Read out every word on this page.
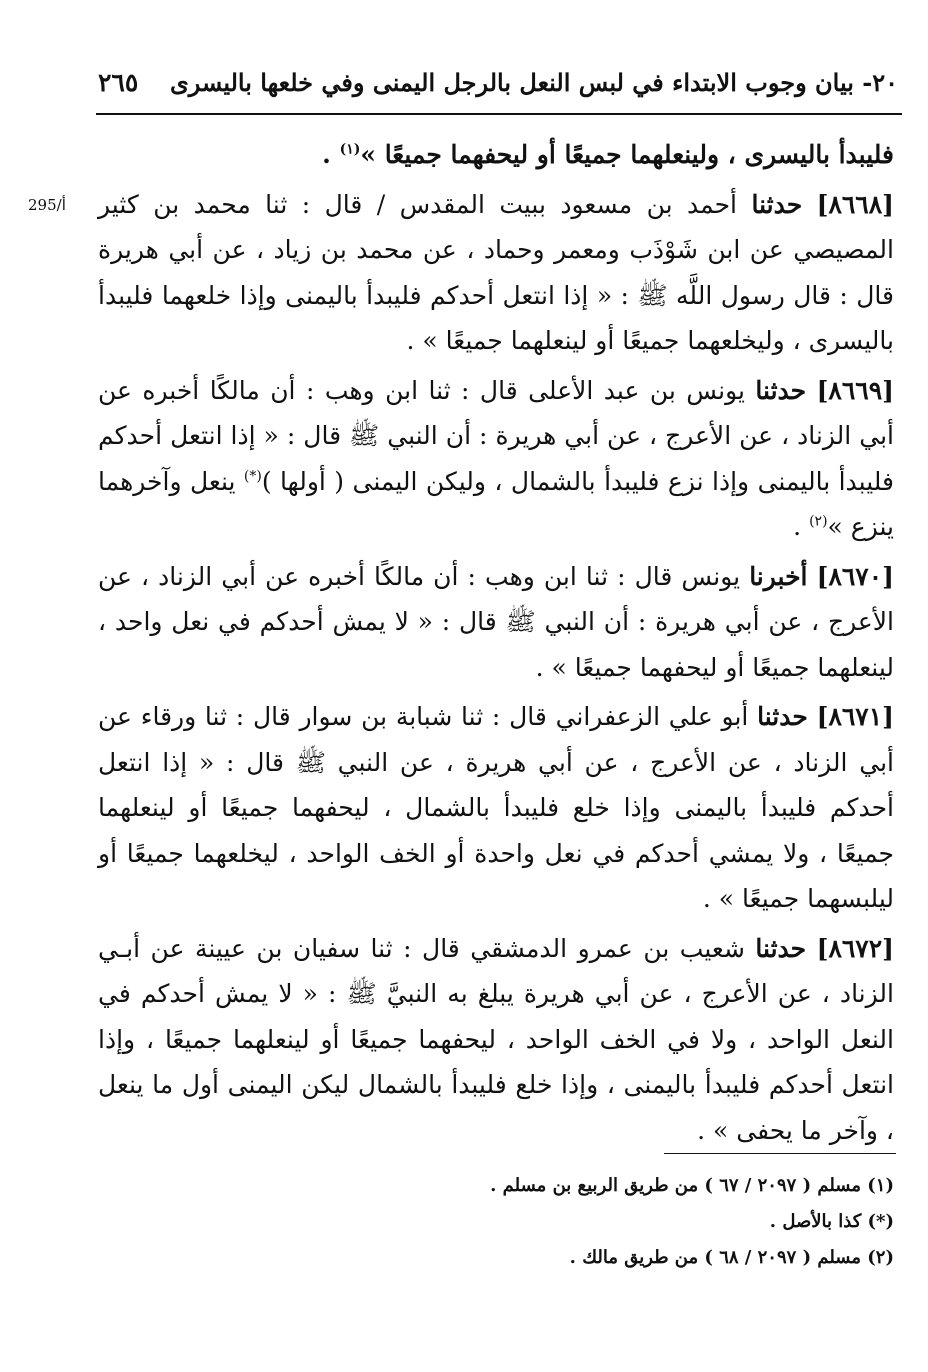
٢٠- بيان وجوب الابتداء في لبس النعل بالرجل اليمنى وفي خلعها باليسرى
٢٦٥
295/أ

فليبدأ باليسرى ، ولينعلهما جميعًا أو ليحفهما جميعًا »$^{(١)}$ .

[٨٦٦٨] حدثنا أحمد بن مسعود ببيت المقدس / قال : ثنا محمد بن كثير المصيصي عن ابن شَوْذَب ومعمر وحماد ، عن محمد بن زياد ، عن أبي هريرة قال : قال رسول اللَّه ﷺ : « إذا انتعل أحدكم فليبدأ باليمنى وإذا خلعهما فليبدأ باليسرى ، وليخلعهما جميعًا أو لينعلهما جميعًا » .

[٨٦٦٩] حدثنا يونس بن عبد الأعلى قال : ثنا ابن وهب : أن مالكًا أخبره عن أبي الزناد ، عن الأعرج ، عن أبي هريرة : أن النبي ﷺ قال : « إذا انتعل أحدكم فليبدأ باليمنى وإذا نزع فليبدأ بالشمال ، وليكن اليمنى ( أولها )(*) ينعل وآخرهما ينزع »$^{(٢)}$ .

[٨٦٧٠] أخبرنا يونس قال : ثنا ابن وهب : أن مالكًا أخبره عن أبي الزناد ، عن الأعرج ، عن أبي هريرة : أن النبي ﷺ قال : « لا يمش أحدكم في نعل واحد ، لينعلهما جميعًا أو ليحفهما جميعًا » .

[٨٦٧١] حدثنا أبو علي الزعفراني قال : ثنا شبابة بن سوار قال : ثنا ورقاء عن أبي الزناد ، عن الأعرج ، عن أبي هريرة ، عن النبي ﷺ قال : « إذا انتعل أحدكم فليبدأ باليمنى وإذا خلع فليبدأ بالشمال ، ليحفهما جميعًا أو لينعلهما جميعًا ، ولا يمشي أحدكم في نعل واحدة أو الخف الواحد ، ليخلعهما جميعًا أو ليلبسهما جميعًا » .

[٨٦٧٢] حدثنا شعيب بن عمرو الدمشقي قال : ثنا سفيان بن عيينة عن أبـي الزناد ، عن الأعرج ، عن أبي هريرة يبلغ به النبيَّ ﷺ : « لا يمش أحدكم في النعل الواحد ، ولا في الخف الواحد ، ليحفهما جميعًا أو لينعلهما جميعًا ، وإذا انتعل أحدكم فليبدأ باليمنى ، وإذا خلع فليبدأ بالشمال ليكن اليمنى أول ما ينعل ، وآخر ما يحفى » .

(١) مسلم ( ٢٠٩٧ / ٦٧ ) من طريق الربيع بن مسلم .

(*) كذا بالأصل .

(٢) مسلم ( ٢٠٩٧ / ٦٨ ) من طريق مالك .
